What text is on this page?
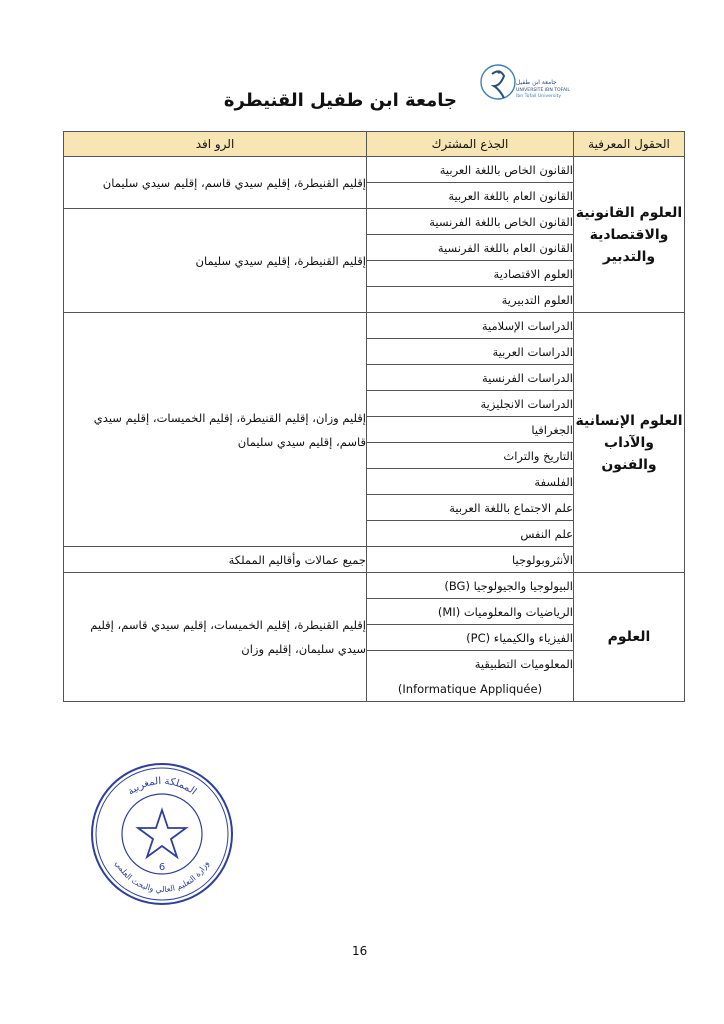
جامعة ابن طفيل
UNIVERSITÉ IBN TOFAIL
Ibn Tofail University
جامعة ابن طفيل القنيطرة
الحقول المعرفية	الجذع المشترك	الرو افد
العلوم القانونية والاقتصادية والتدبير	القانون الخاص باللغة العربية	إقليم القنيطرة، إقليم سيدي قاسم، إقليم سيدي سليمان
	القانون العام باللغة العربية	
	القانون الخاص باللغة الفرنسية	إقليم القنيطرة، إقليم سيدي سليمان
	القانون العام باللغة الفرنسية	
	العلوم الاقتصادية	
	العلوم التدبيرية	
العلوم الإنسانية والآداب والفنون	الدراسات الإسلامية	إقليم وزان، إقليم القنيطرة، إقليم الخميسات، إقليم سيدي قاسم، إقليم سيدي سليمان
	الدراسات العربية	
	الدراسات الفرنسية	
	الدراسات الانجليزية	
	الجغرافيا	
	التاريخ والتراث	
	الفلسفة	
	علم الاجتماع باللغة العربية	
	علم النفس	
	الأنثروبولوجيا	جميع عمالات وأقاليم المملكة
العلوم	البيولوجيا والجيولوجيا (BG)	إقليم القنيطرة، إقليم الخميسات، إقليم سيدي قاسم، إقليم سيدي سليمان، إقليم وزان
	الرياضيات والمعلوميات (MI)	
	الفيزياء والكيمياء (PC)	
	المعلوميات التطبيقية	
	(Informatique Appliquée)	
المملكة المغربية
وزارة التعليم العالي والبحث العلمي
6
16
